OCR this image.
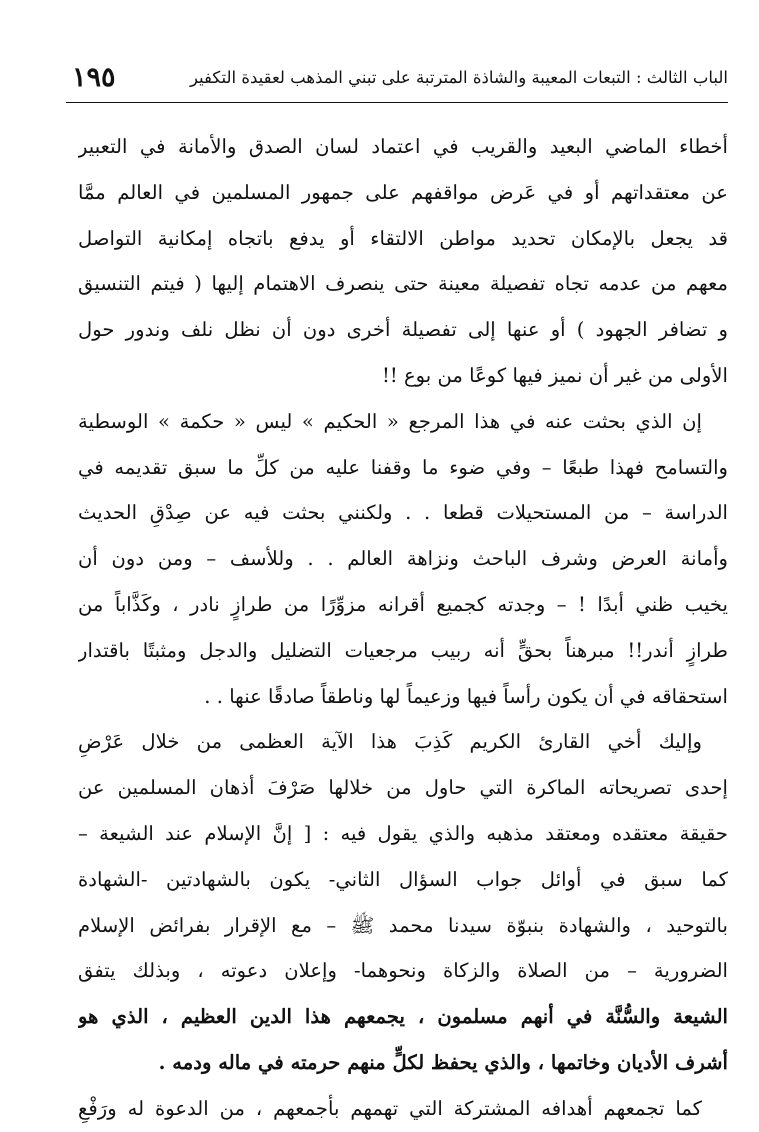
الباب الثالث : التبعات المعيبة والشاذة المترتبة على تبني المذهب لعقيدة التكفير
١٩٥
أخطاء الماضي البعيد والقريب في اعتماد لسان الصدق والأمانة في التعبير
عن معتقداتهم أو في عَرض مواقفهم على جمهور المسلمين في العالم ممَّا
قد يجعل بالإمكان تحديد مواطن الالتقاء أو يدفع باتجاه إمكانية التواصل
معهم من عدمه تجاه تفصيلة معينة حتى ينصرف الاهتمام إليها ( فيتم التنسيق
و تضافر الجهود ) أو عنها إلى تفصيلة أخرى دون أن نظل نلف وندور حول
الأولى من غير أن نميز فيها كوعًا من بوع !!
إن الذي بحثت عنه في هذا المرجع « الحكيم » ليس « حكمة » الوسطية
والتسامح فهذا طبعًا – وفي ضوء ما وقفنا عليه من كلِّ ما سبق تقديمه في
الدراسة – من المستحيلات قطعا . . ولكنني بحثت فيه عن صِدْقِ الحديث
وأمانة العرض وشرف الباحث ونزاهة العالم . . وللأسف – ومن دون أن
يخيب ظني أبدًا ! – وجدته كجميع أقرانه مزوِّرًا من طرازٍ نادر ، وكَذَّاباً من
طرازٍ أندر!! مبرهناً بحقٍّ أنه ربيب مرجعيات التضليل والدجل ومثبتًا باقتدار
استحقاقه في أن يكون رأساً فيها وزعيماً لها وناطقاً صادقًا عنها . .
وإليك أخي القارئ الكريم كَذِبَ هذا الآية العظمى من خلال عَرْضِ
إحدى تصريحاته الماكرة التي حاول من خلالها صَرْفَ أذهان المسلمين عن
حقيقة معتقده ومعتقد مذهبه والذي يقول فيه : [ إنَّ الإسلام عند الشيعة –
كما سبق في أوائل جواب السؤال الثاني- يكون بالشهادتين -الشهادة
بالتوحيد ، والشهادة بنبوّة سيدنا محمد ﷺ – مع الإقرار بفرائض الإسلام
الضرورية – من الصلاة والزكاة ونحوهما- وإعلان دعوته ، وبذلك يتفق
الشيعة والسُّنَّة في أنهم مسلمون ، يجمعهم هذا الدين العظيم ، الذي هو
أشرف الأديان وخاتمها ، والذي يحفظ لكلٍّ منهم حرمته في ماله ودمه .
كما تجمعهم أهدافه المشتركة التي تهمهم بأجمعهم ، من الدعوة له ورَفْعِ
